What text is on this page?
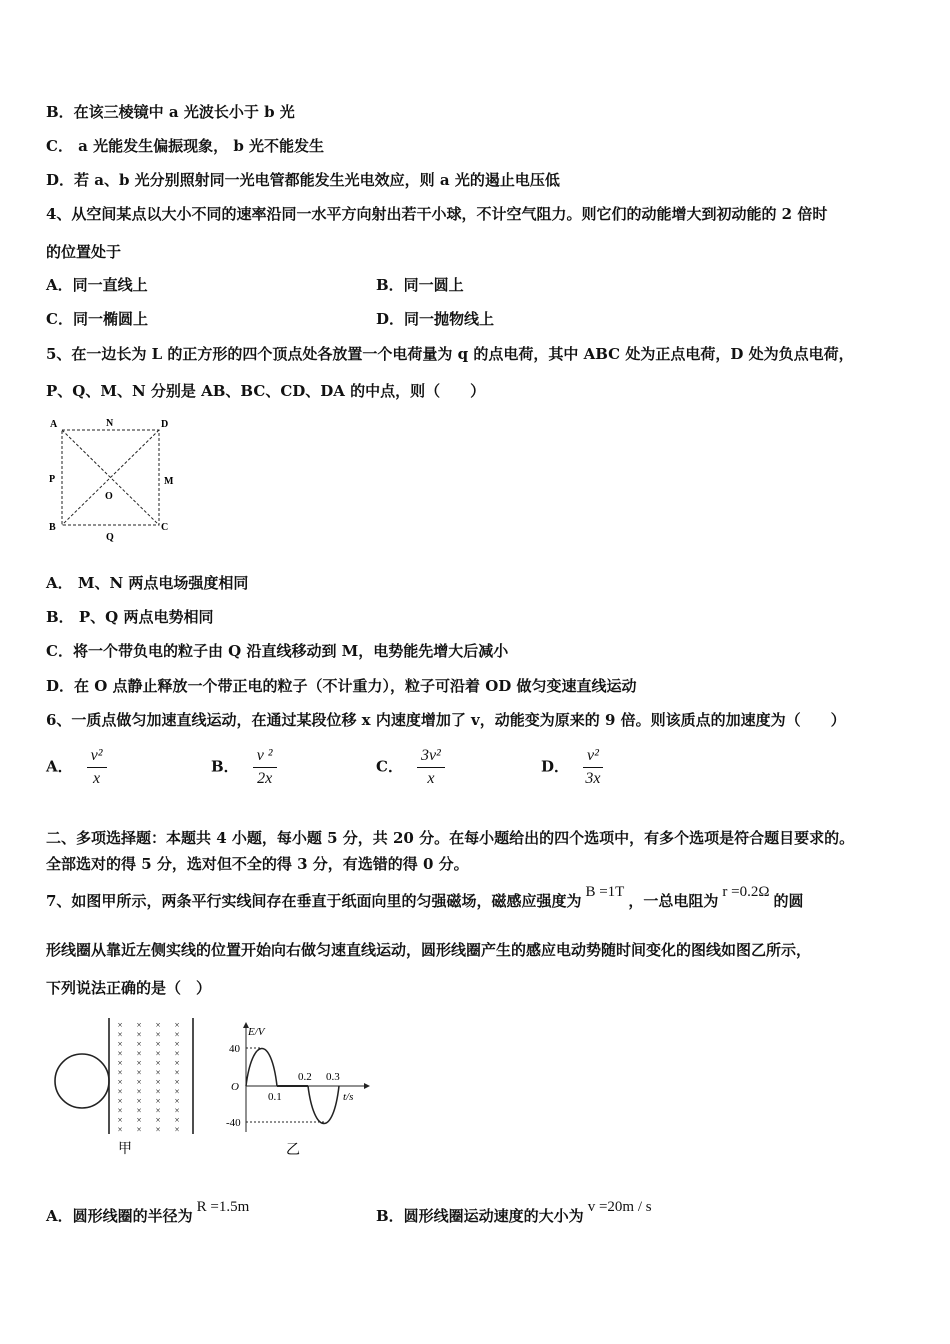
B．在该三棱镜中 a 光波长小于 b 光
C． a 光能发生偏振现象， b 光不能发生
D．若 a、b 光分别照射同一光电管都能发生光电效应，则 a 光的遏止电压低
4、从空间某点以大小不同的速率沿同一水平方向射出若干小球，不计空气阻力。则它们的动能增大到初动能的 2 倍时
的位置处于
A．同一直线上	B．同一圆上
C．同一椭圆上	D．同一抛物线上
5、在一边长为 L 的正方形的四个顶点处各放置一个电荷量为 q 的点电荷，其中 ABC 处为正点电荷，D 处为负点电荷，
P、Q、M、N 分别是 AB、BC、CD、DA 的中点，则（　　）
A	N	D
P
O
M
B
Q
C
A． M、N 两点电场强度相同
B． P、Q 两点电势相同
C．将一个带负电的粒子由 Q 沿直线移动到 M，电势能先增大后减小
D．在 O 点静止释放一个带正电的粒子（不计重力），粒子可沿着 OD 做匀变速直线运动
6、一质点做匀加速直线运动，在通过某段位移 x 内速度增加了 v，动能变为原来的 9 倍。则该质点的加速度为（　　）
A． $\frac{\text{v²}}{x}$	B． $\frac{\text{v ²}}{2x}$	C． $\frac{\text{3v²}}{x}$	D． $\frac{\text{v²}}{3x}$
二、多项选择题：本题共 4 小题，每小题 5 分，共 20 分。在每小题给出的四个选项中，有多个选项是符合题目要求的。
全部选对的得 5 分，选对但不全的得 3 分，有选错的得 0 分。
7、如图甲所示，两条平行实线间存在垂直于纸面向里的匀强磁场，磁感应强度为 B =1T ，一总电阻为 r =0.2Ω 的圆
形线圈从靠近左侧实线的位置开始向右做匀速直线运动，圆形线圈产生的感应电动势随时间变化的图线如图乙所示，
下列说法正确的是（　）
× × × ×
× × × ×
× × × ×
× × × ×
× × × ×
× × × ×
× × × ×
× × × ×
× × × ×
× × × ×
× × × ×
× × × ×
甲
E/V
t/s
40
O
-40
0.1
0.2 0.3
乙
A．圆形线圈的半径为 R =1.5m	B．圆形线圈运动速度的大小为 v =20m / s
